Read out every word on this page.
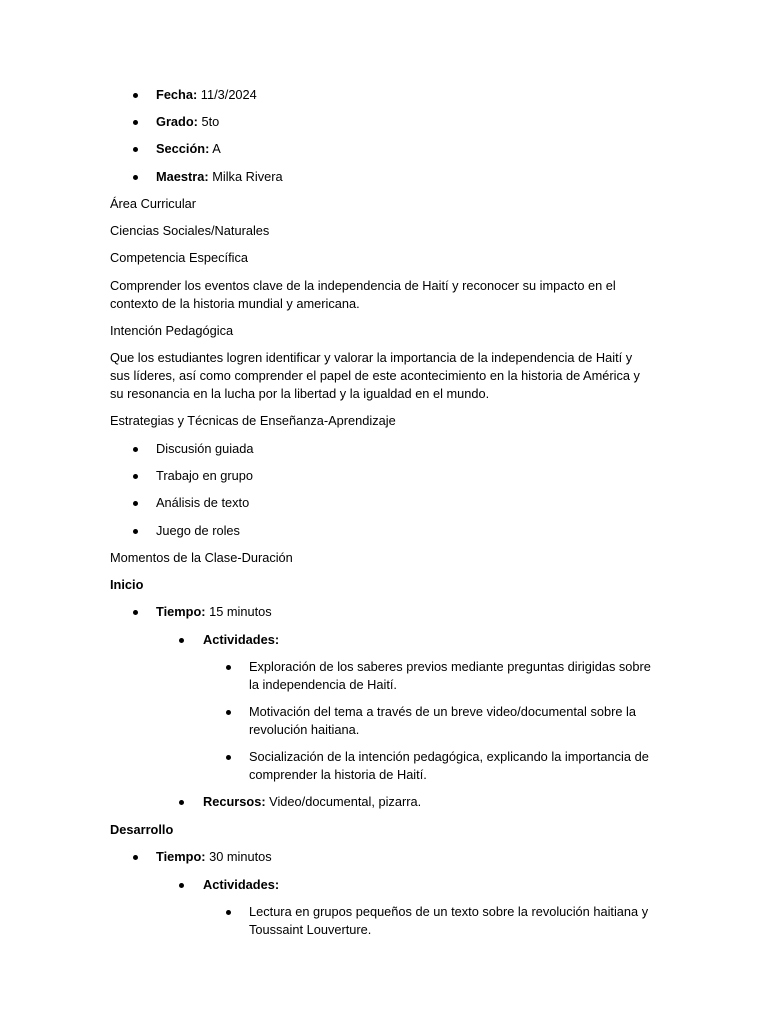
Fecha: 11/3/2024
Grado: 5to
Sección: A
Maestra: Milka Rivera
Área Curricular
Ciencias Sociales/Naturales
Competencia Específica
Comprender los eventos clave de la independencia de Haití y reconocer su impacto en el
contexto de la historia mundial y americana.
Intención Pedagógica
Que los estudiantes logren identificar y valorar la importancia de la independencia de Haití y
sus líderes, así como comprender el papel de este acontecimiento en la historia de América y
su resonancia en la lucha por la libertad y la igualdad en el mundo.
Estrategias y Técnicas de Enseñanza-Aprendizaje
Discusión guiada
Trabajo en grupo
Análisis de texto
Juego de roles
Momentos de la Clase-Duración
Inicio
Tiempo: 15 minutos
Actividades:
Exploración de los saberes previos mediante preguntas dirigidas sobre
la independencia de Haití.
Motivación del tema a través de un breve video/documental sobre la
revolución haitiana.
Socialización de la intención pedagógica, explicando la importancia de
comprender la historia de Haití.
Recursos: Video/documental, pizarra.
Desarrollo
Tiempo: 30 minutos
Actividades:
Lectura en grupos pequeños de un texto sobre la revolución haitiana y
Toussaint Louverture.
